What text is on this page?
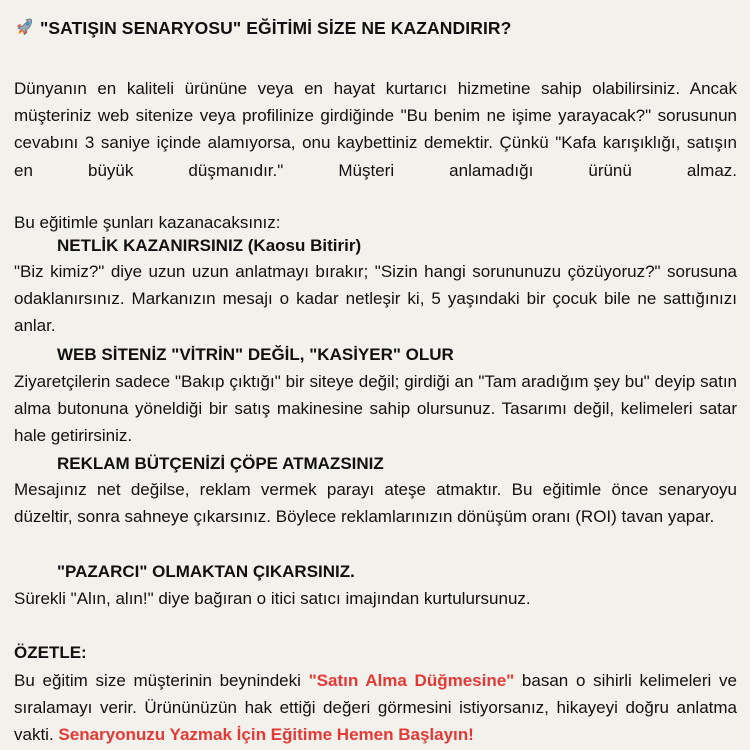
"SATIŞIN SENARYOSU" EĞİTİMİ SİZE NE KAZANDIRIR?
Dünyanın en kaliteli ürününe veya en hayat kurtarıcı hizmetine sahip olabilirsiniz. Ancak müşteriniz web sitenize veya profilinize girdiğinde "Bu benim ne işime yarayacak?" sorusunun cevabını 3 saniye içinde alamıyorsa, onu kaybettiniz demektir. Çünkü "Kafa karışıklığı, satışın en büyük düşmanıdır." Müşteri anlamadığı ürünü almaz.
Bu eğitimle şunları kazanacaksınız:
NETLİK KAZANIRSINIZ (Kaosu Bitirir)
"Biz kimiz?" diye uzun uzun anlatmayı bırakır; "Sizin hangi sorununuzu çözüyoruz?" sorusuna odaklanırsınız. Markanızın mesajı o kadar netleşir ki, 5 yaşındaki bir çocuk bile ne sattığınızı anlar.
WEB SİTENİZ "VİTRİN" DEĞİL, "KASİYER" OLUR
Ziyaretçilerin sadece "Bakıp çıktığı" bir siteye değil; girdiği an "Tam aradığım şey bu" deyip satın alma butonuna yöneldiği bir satış makinesine sahip olursunuz. Tasarımı değil, kelimeleri satar hale getirirsiniz.
REKLAM BÜTÇENİZİ ÇÖPE ATMAZSINIZ
Mesajınız net değilse, reklam vermek parayı ateşe atmaktır. Bu eğitimle önce senaryoyu düzeltir, sonra sahneye çıkarsınız. Böylece reklamlarınızın dönüşüm oranı (ROI) tavan yapar.
"PAZARCI" OLMAKTAN ÇIKARSINIZ.
Sürekli "Alın, alın!" diye bağıran o itici satıcı imajından kurtulursunuz.
ÖZETLE:
Bu eğitim size müşterinin beynindeki "Satın Alma Düğmesine" basan o sihirli kelimeleri ve sıralamayı verir. Ürününüzün hak ettiği değeri görmesini istiyorsanız, hikayeyi doğru anlatma vakti. Senaryonuzu Yazmak İçin Eğitime Hemen Başlayın!
